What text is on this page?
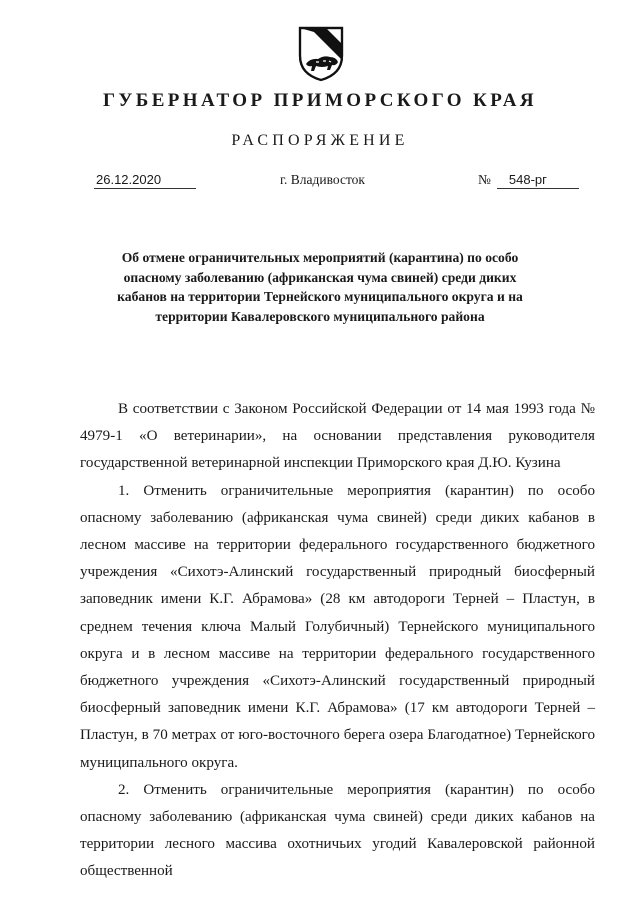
ГУБЕРНАТОР ПРИМОРСКОГО КРАЯ
РАСПОРЯЖЕНИЕ
26.12.2020	г. Владивосток	№ 548-рг
Об отмене ограничительных мероприятий (карантина) по особо опасному заболеванию (африканская чума свиней) среди диких кабанов на территории Тернейского муниципального округа и на территории Кавалеровского муниципального района

В соответствии с Законом Российской Федерации от 14 мая 1993 года № 4979-1 «О ветеринарии», на основании представления руководителя государственной ветеринарной инспекции Приморского края Д.Ю. Кузина

1. Отменить ограничительные мероприятия (карантин) по особо опасному заболеванию (африканская чума свиней) среди диких кабанов в лесном массиве на территории федерального государственного бюджетного учреждения «Сихотэ-Алинский государственный природный биосферный заповедник имени К.Г. Абрамова» (28 км автодороги Терней – Пластун, в среднем течения ключа Малый Голубичный) Тернейского муниципального округа и в лесном массиве на территории федерального государственного бюджетного учреждения «Сихотэ-Алинский государственный природный биосферный заповедник имени К.Г. Абрамова» (17 км автодороги Терней – Пластун, в 70 метрах от юго-восточного берега озера Благодатное) Тернейского муниципального округа.

2. Отменить ограничительные мероприятия (карантин) по особо опасному заболеванию (африканская чума свиней) среди диких кабанов на территории лесного массива охотничьих угодий Кавалеровской районной общественной
